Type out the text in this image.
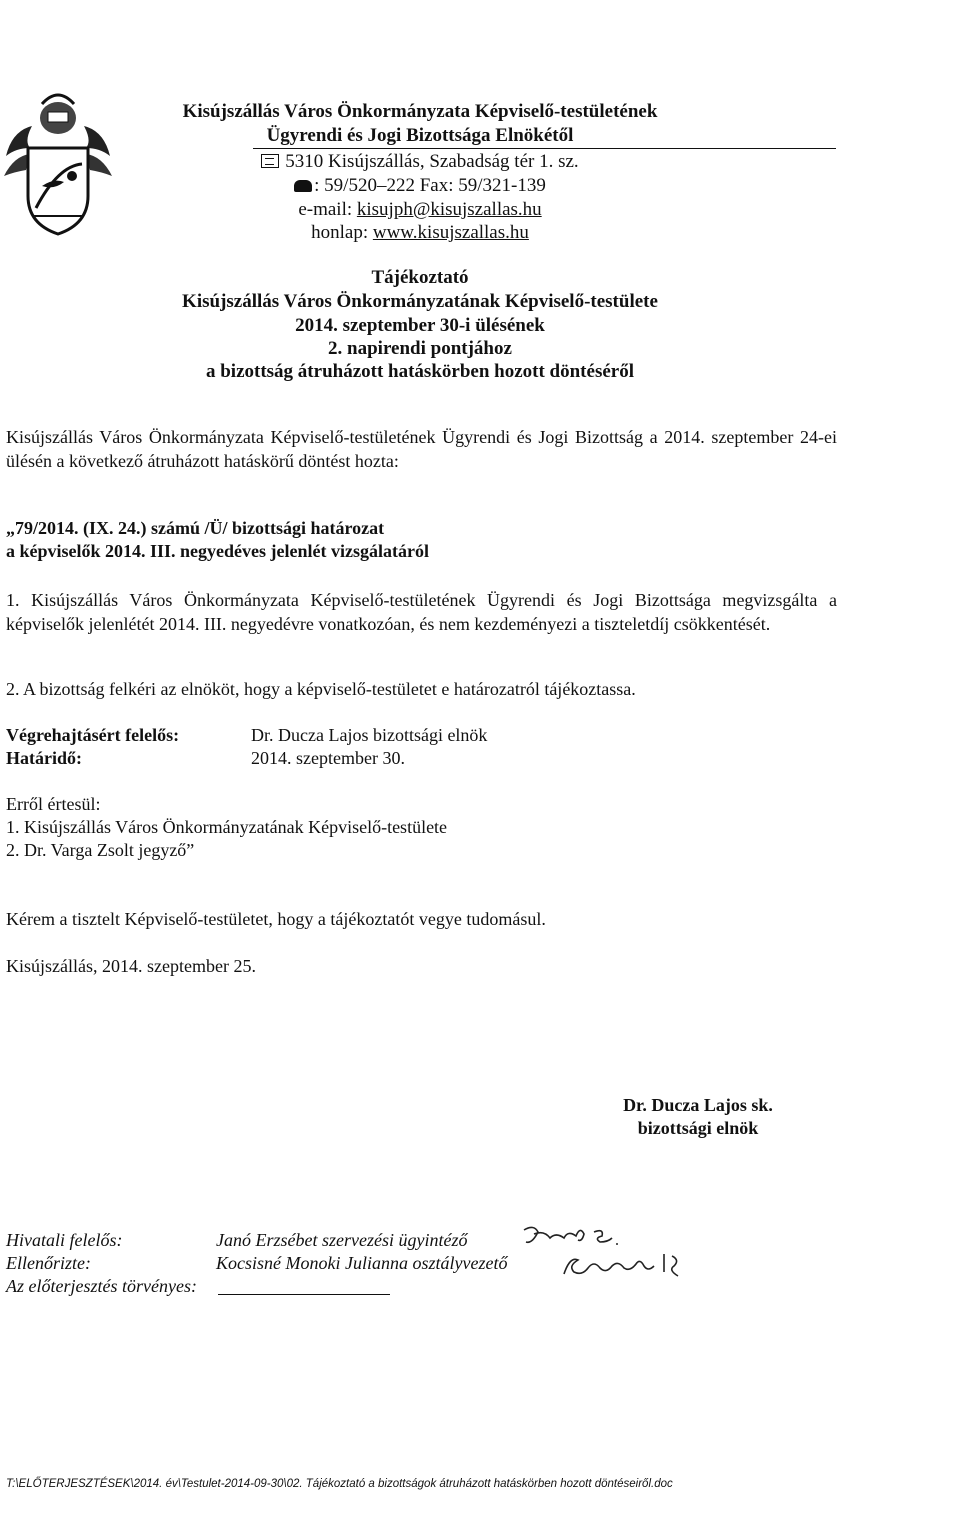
Kisújszállás Város Önkormányzata Képviselő-testületének
Ügyrendi és Jogi Bizottsága Elnökétől
5310 Kisújszállás, Szabadság tér 1. sz.
: 59/520–222 Fax: 59/321-139
e-mail: kisujph@kisujszallas.hu
honlap: www.kisujszallas.hu
Tájékoztató
Kisújszállás Város Önkormányzatának Képviselő-testülete
2014. szeptember 30-i ülésének
2. napirendi pontjához
a bizottság átruházott hatáskörben hozott döntéséről
Kisújszállás Város Önkormányzata Képviselő-testületének Ügyrendi és Jogi Bizottság a 2014. szeptember 24-ei ülésén a következő átruházott hatáskörű döntést hozta:
„79/2014. (IX. 24.) számú /Ü/ bizottsági határozat
a képviselők 2014. III. negyedéves jelenlét vizsgálatáról
1. Kisújszállás Város Önkormányzata Képviselő-testületének Ügyrendi és Jogi Bizottsága megvizsgálta a képviselők jelenlétét 2014. III. negyedévre vonatkozóan, és nem kezdeményezi a tiszteletdíj csökkentését.
2. A bizottság felkéri az elnököt, hogy a képviselő-testületet e határozatról tájékoztassa.
Végrehajtásért felelős:	Dr. Ducza Lajos bizottsági elnök
Határidő:	2014. szeptember 30.
Erről értesül:
1. Kisújszállás Város Önkormányzatának Képviselő-testülete
2. Dr. Varga Zsolt jegyző”
Kérem a tisztelt Képviselő-testületet, hogy a tájékoztatót vegye tudomásul.
Kisújszállás, 2014. szeptember 25.
Dr. Ducza Lajos sk.
bizottsági elnök
Hivatali felelős:	Janó Erzsébet szervezési ügyintéző
Ellenőrizte:	Kocsisné Monoki Julianna osztályvezető
Az előterjesztés törvényes:
T:\ELŐTERJESZTÉSEK\2014. év\Testulet-2014-09-30\02. Tájékoztató a bizottságok átruházott hatáskörben hozott döntéseiről.doc
